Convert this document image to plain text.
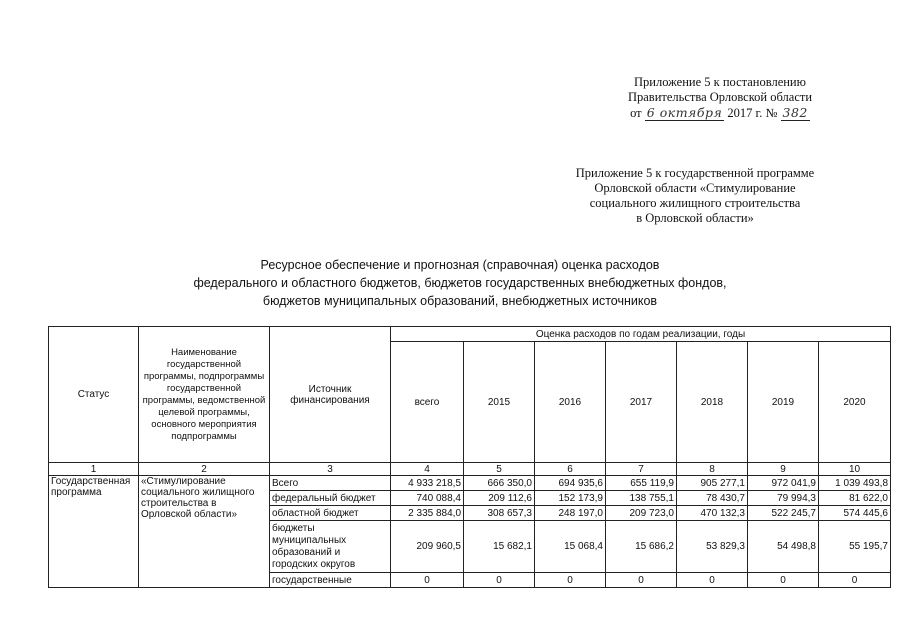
Приложение 5 к постановлению
Правительства Орловской области
от 6 октября 2017 г. № 382
Приложение 5 к государственной программе
Орловской области «Стимулирование
социального жилищного строительства
в Орловской области»
Ресурсное обеспечение и прогнозная (справочная) оценка расходов
федерального и областного бюджетов, бюджетов государственных внебюджетных фондов,
бюджетов муниципальных образований, внебюджетных источников
Статус	Наименование государственной программы, подпрограммы государственной программы, ведомственной целевой программы, основного мероприятия подпрограммы	Источник финансирования	Оценка расходов по годам реализации, годы						
			всего	2015	2016	2017	2018	2019	2020
1	2	3	4	5	6	7	8	9	10
Государственная программа	«Стимулирование социального жилищного строительства в Орловской области»	Всего	4 933 218,5	666 350,0	694 935,6	655 119,9	905 277,1	972 041,9	1 039 493,8
		федеральный бюджет	740 088,4	209 112,6	152 173,9	138 755,1	78 430,7	79 994,3	81 622,0
		областной бюджет	2 335 884,0	308 657,3	248 197,0	209 723,0	470 132,3	522 245,7	574 445,6
		бюджеты муниципальных образований и городских округов	209 960,5	15 682,1	15 068,4	15 686,2	53 829,3	54 498,8	55 195,7
		государственные	0	0	0	0	0	0	0
